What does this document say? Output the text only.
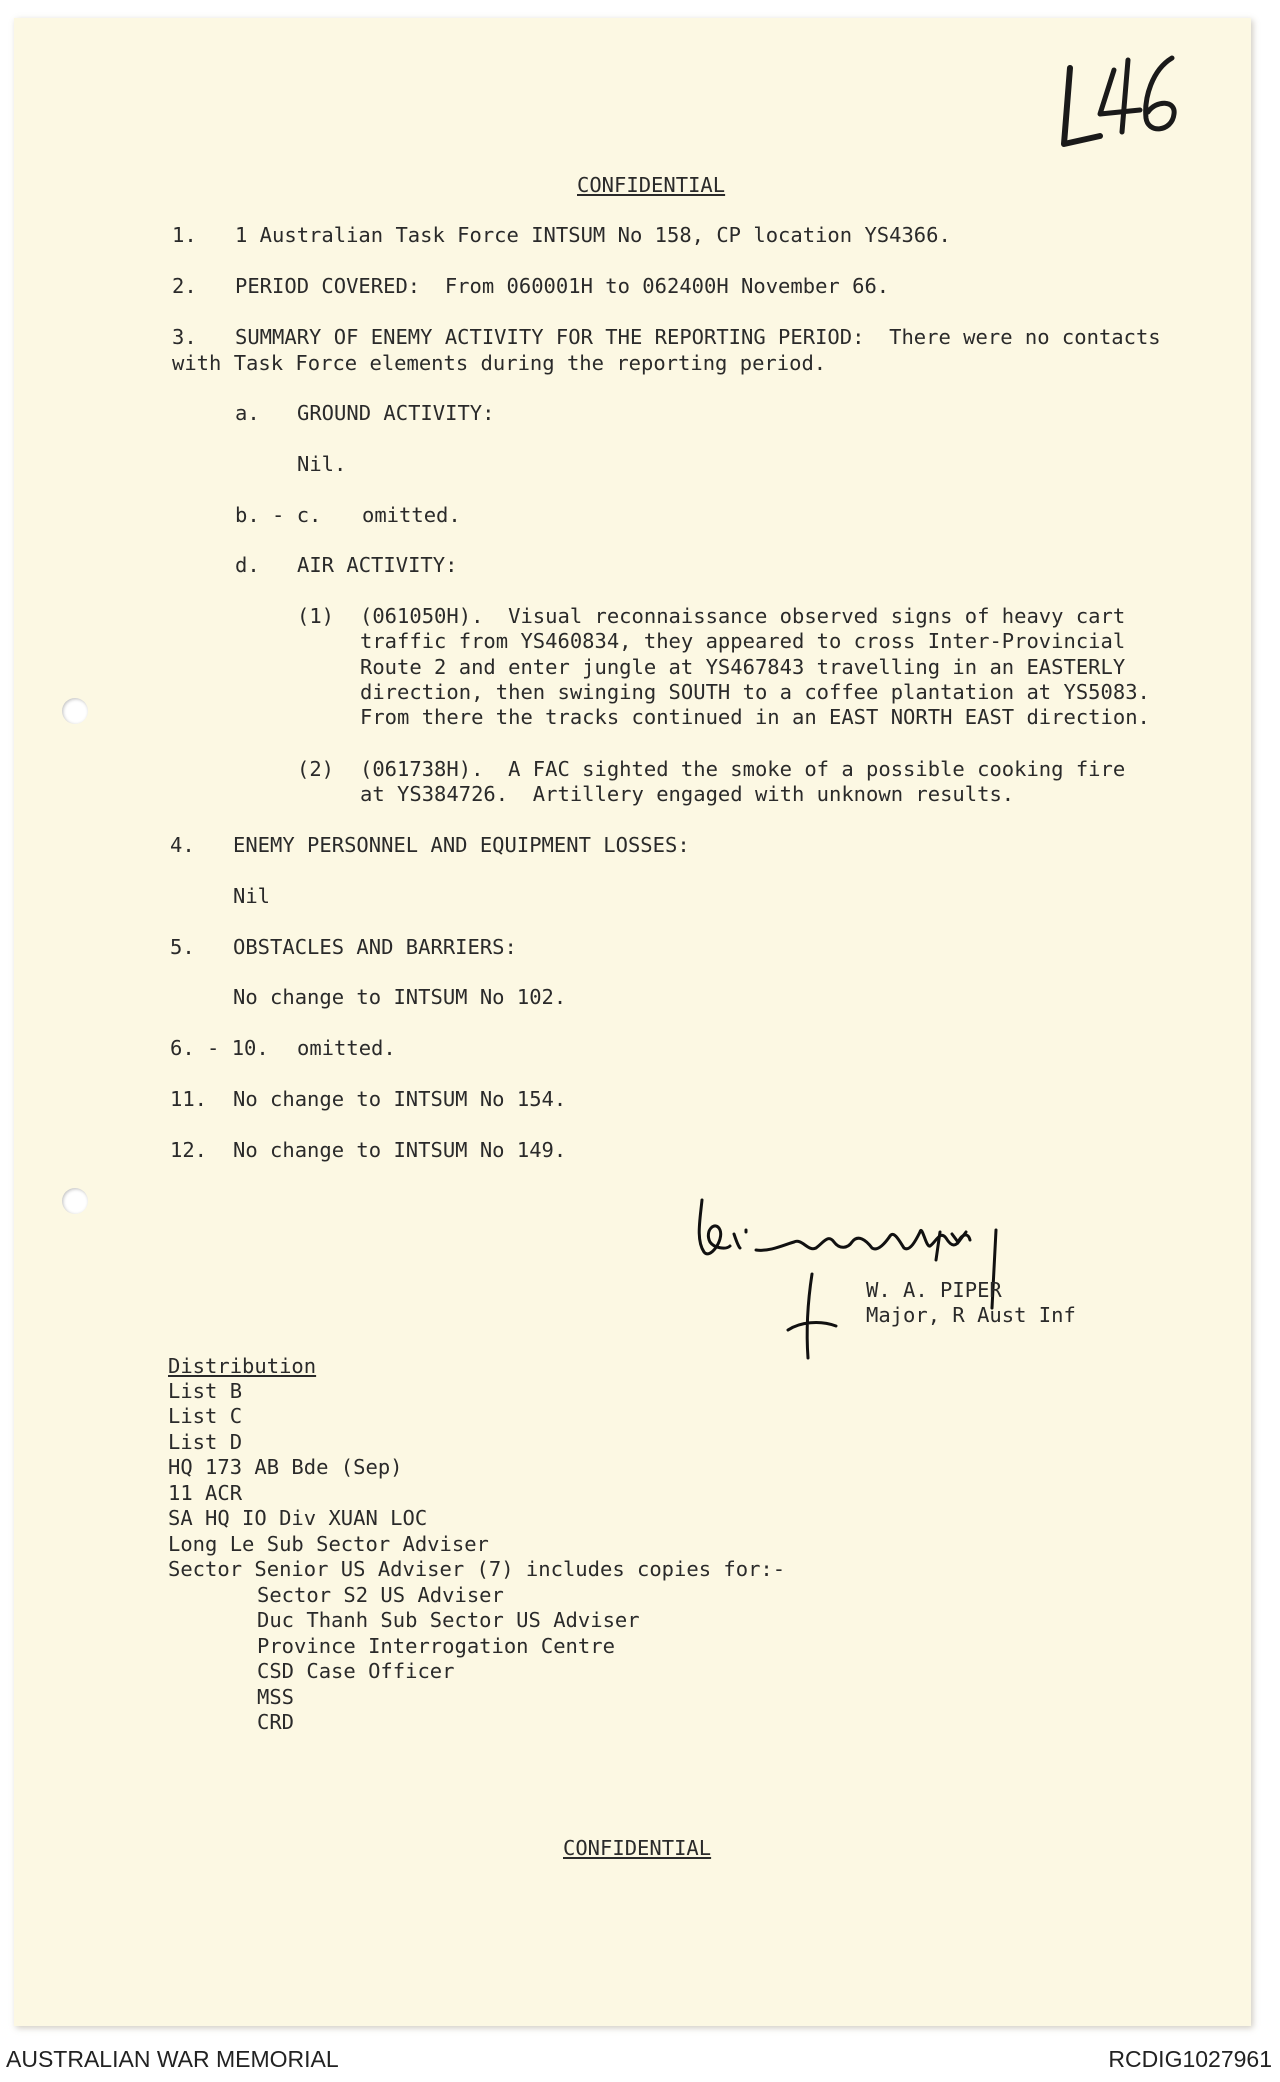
CONFIDENTIAL
1. 1 Australian Task Force INTSUM No 158, CP location YS4366.
2. PERIOD COVERED:  From 060001H to 062400H November 66.
3. SUMMARY OF ENEMY ACTIVITY FOR THE REPORTING PERIOD:  There were no contacts
with Task Force elements during the reporting period.
a. GROUND ACTIVITY:
Nil.
b. - c. omitted.
d. AIR ACTIVITY:
(1) (061050H).  Visual reconnaissance observed signs of heavy cart
traffic from YS460834, they appeared to cross Inter-Provincial
Route 2 and enter jungle at YS467843 travelling in an EASTERLY
direction, then swinging SOUTH to a coffee plantation at YS5083.
From there the tracks continued in an EAST NORTH EAST direction.
(2) (061738H).  A FAC sighted the smoke of a possible cooking fire
at YS384726.  Artillery engaged with unknown results.
4. ENEMY PERSONNEL AND EQUIPMENT LOSSES:
Nil
5. OBSTACLES AND BARRIERS:
No change to INTSUM No 102.
6. - 10. omitted.
11. No change to INTSUM No 154.
12. No change to INTSUM No 149.
W. A. PIPER
Major, R Aust Inf
Distribution
List B
List C
List D
HQ 173 AB Bde (Sep)
11 ACR
SA HQ IO Div XUAN LOC
Long Le Sub Sector Adviser
Sector Senior US Adviser (7) includes copies for:-
Sector S2 US Adviser
Duc Thanh Sub Sector US Adviser
Province Interrogation Centre
CSD Case Officer
MSS
CRD
CONFIDENTIAL
AUSTRALIAN WAR MEMORIAL	RCDIG1027961
